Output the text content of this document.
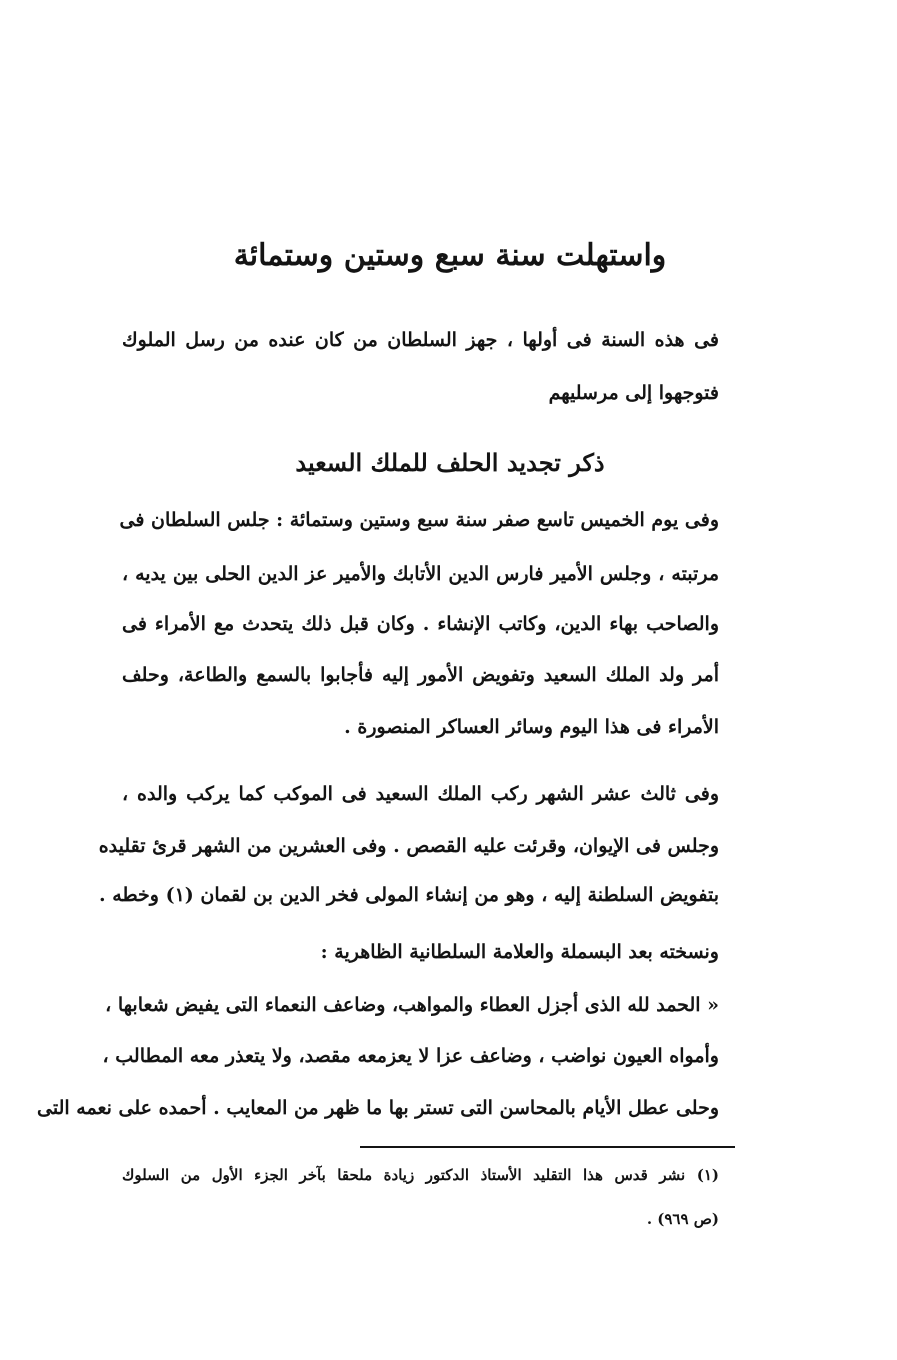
واستهلت سنة سبع وستين وستمائة
فى هذه السنة فى أولها ، جهز السلطان من كان عنده من رسل الملوك
فتوجهوا إلى مرسليهم
ذكر تجديد الحلف للملك السعيد
وفى يوم الخميس تاسع صفر سنة سبع وستين وستمائة : جلس السلطان فى
مرتبته ، وجلس الأمير فارس الدين الأتابك والأمير عز الدين الحلى بين يديه ،
والصاحب بهاء الدين، وكاتب الإنشاء . وكان قبل ذلك يتحدث مع الأمراء فى
أمر ولد الملك السعيد وتفويض الأمور إليه فأجابوا بالسمع والطاعة، وحلف
الأمراء فى هذا اليوم وسائر العساكر المنصورة .
وفى ثالث عشر الشهر ركب الملك السعيد فى الموكب كما يركب والده ،
وجلس فى الإيوان، وقرئت عليه القصص . وفى العشرين من الشهر قرئ تقليده
بتفويض السلطنة إليه ، وهو من إنشاء المولى فخر الدين بن لقمان (١) وخطه .
ونسخته بعد البسملة والعلامة السلطانية الظاهرية :
« الحمد لله الذى أجزل العطاء والمواهب، وضاعف النعماء التى يفيض شعابها ،
وأمواه العيون نواضب ، وضاعف عزا لا يعزمعه مقصد، ولا يتعذر معه المطالب ،
وحلى عطل الأيام بالمحاسن التى تستر بها ما ظهر من المعايب . أحمده على نعمه التى
(١) نشر قدس هذا التقليد الأستاذ الدكتور زيادة ملحقا بآخر الجزء الأول من السلوك
(ص ٩٦٩) .
